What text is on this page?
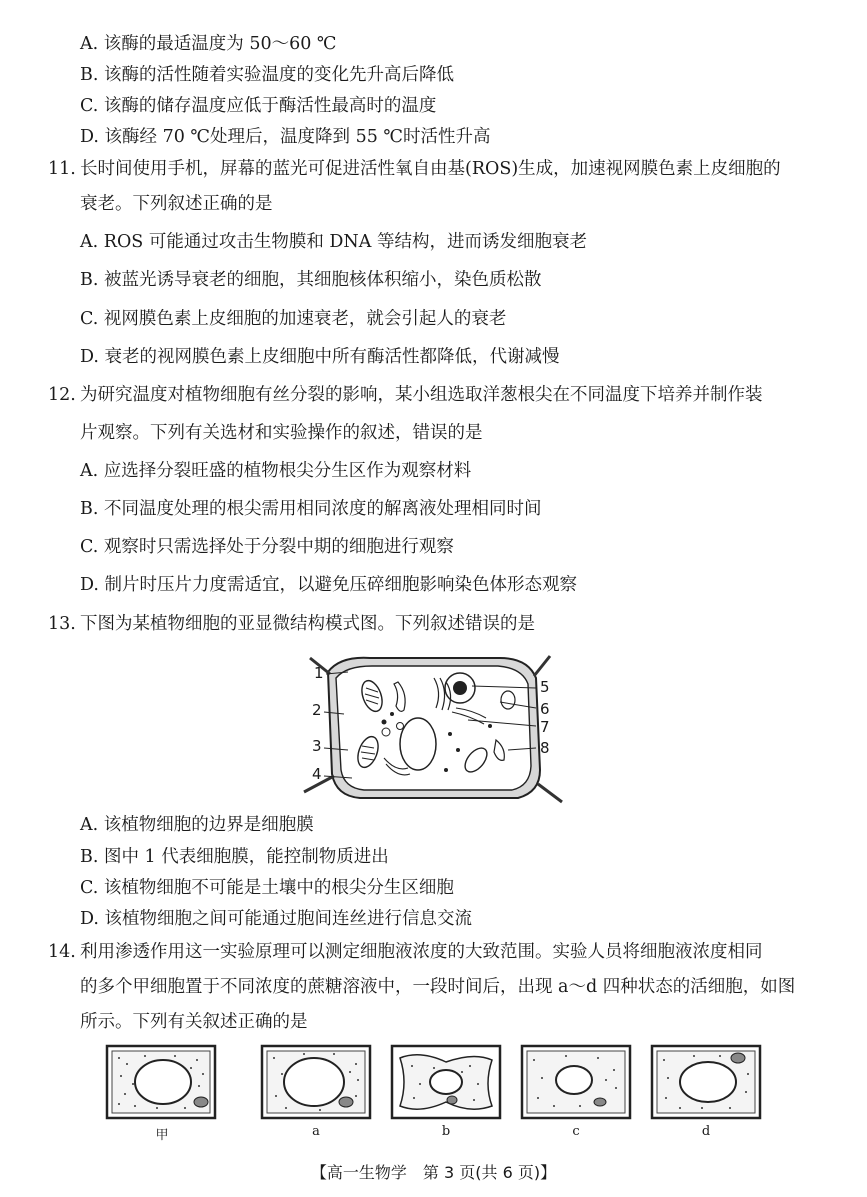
A. 该酶的最适温度为 50～60 ℃
B. 该酶的活性随着实验温度的变化先升高后降低
C. 该酶的储存温度应低于酶活性最高时的温度
D. 该酶经 70 ℃处理后，温度降到 55 ℃时活性升高
11. 长时间使用手机，屏幕的蓝光可促进活性氧自由基(ROS)生成，加速视网膜色素上皮细胞的
衰老。下列叙述正确的是
A. ROS 可能通过攻击生物膜和 DNA 等结构，进而诱发细胞衰老
B. 被蓝光诱导衰老的细胞，其细胞核体积缩小，染色质松散
C. 视网膜色素上皮细胞的加速衰老，就会引起人的衰老
D. 衰老的视网膜色素上皮细胞中所有酶活性都降低，代谢减慢
12. 为研究温度对植物细胞有丝分裂的影响，某小组选取洋葱根尖在不同温度下培养并制作装
片观察。下列有关选材和实验操作的叙述，错误的是
A. 应选择分裂旺盛的植物根尖分生区作为观察材料
B. 不同温度处理的根尖需用相同浓度的解离液处理相同时间
C. 观察时只需选择处于分裂中期的细胞进行观察
D. 制片时压片力度需适宜，以避免压碎细胞影响染色体形态观察
13. 下图为某植物细胞的亚显微结构模式图。下列叙述错误的是
1
2
3
4
5
6
7
8
A. 该植物细胞的边界是细胞膜
B. 图中 1 代表细胞膜，能控制物质进出
C. 该植物细胞不可能是土壤中的根尖分生区细胞
D. 该植物细胞之间可能通过胞间连丝进行信息交流
14. 利用渗透作用这一实验原理可以测定细胞液浓度的大致范围。实验人员将细胞液浓度相同
的多个甲细胞置于不同浓度的蔗糖溶液中，一段时间后，出现 a～d 四种状态的活细胞，如图
所示。下列有关叙述正确的是
甲	a	b	c	d
【高一生物学　第 3 页(共 6 页)】
